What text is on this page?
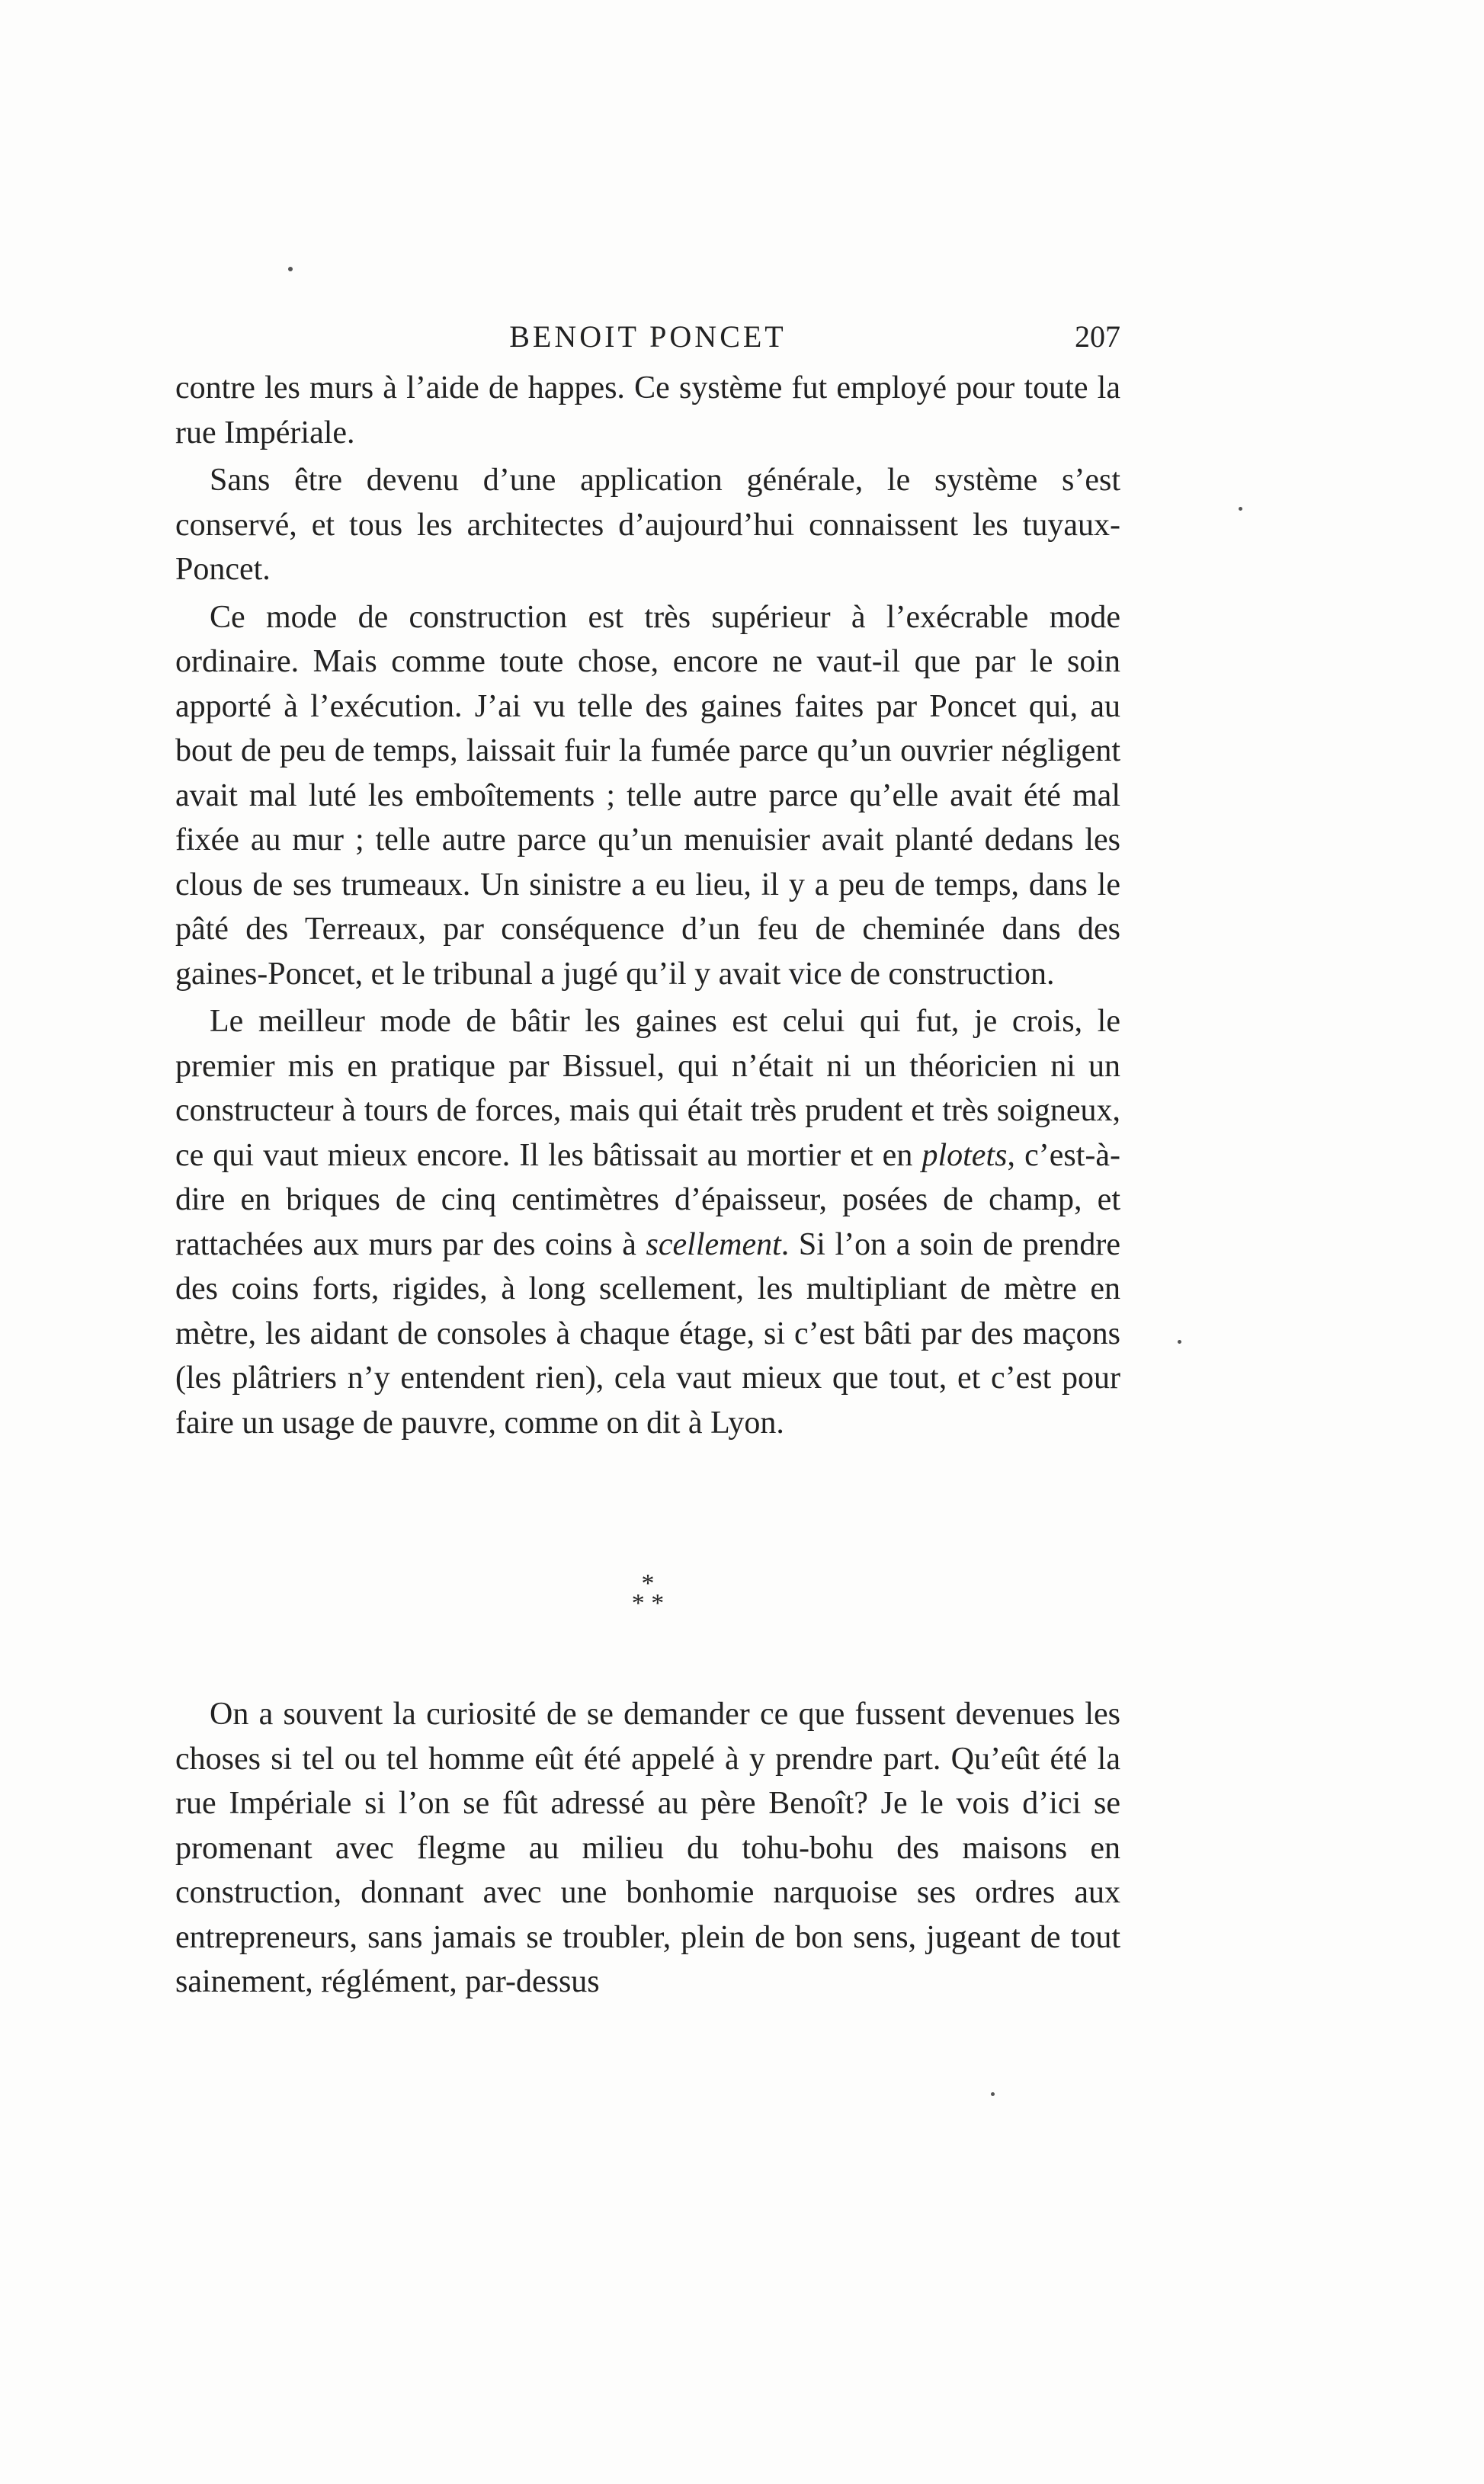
BENOIT PONCET	207

contre les murs à l’aide de happes. Ce système fut employé pour toute la rue Impériale.

Sans être devenu d’une application générale, le système s’est conservé, et tous les architectes d’aujourd’hui connaissent les tuyaux-Poncet.

Ce mode de construction est très supérieur à l’exécrable mode ordinaire. Mais comme toute chose, encore ne vaut-il que par le soin apporté à l’exécution. J’ai vu telle des gaines faites par Poncet qui, au bout de peu de temps, laissait fuir la fumée parce qu’un ouvrier négligent avait mal luté les emboîtements ; telle autre parce qu’elle avait été mal fixée au mur ; telle autre parce qu’un menuisier avait planté dedans les clous de ses trumeaux. Un sinistre a eu lieu, il y a peu de temps, dans le pâté des Terreaux, par conséquence d’un feu de cheminée dans des gaines-Poncet, et le tribunal a jugé qu’il y avait vice de construction.

Le meilleur mode de bâtir les gaines est celui qui fut, je crois, le premier mis en pratique par Bissuel, qui n’était ni un théoricien ni un constructeur à tours de forces, mais qui était très prudent et très soigneux, ce qui vaut mieux encore. Il les bâtissait au mortier et en plotets, c’est-à-dire en briques de cinq centimètres d’épaisseur, posées de champ, et rattachées aux murs par des coins à scellement. Si l’on a soin de prendre des coins forts, rigides, à long scellement, les multipliant de mètre en mètre, les aidant de consoles à chaque étage, si c’est bâti par des maçons (les plâtriers n’y entendent rien), cela vaut mieux que tout, et c’est pour faire un usage de pauvre, comme on dit à Lyon.

*
* *

On a souvent la curiosité de se demander ce que fussent devenues les choses si tel ou tel homme eût été appelé à y prendre part. Qu’eût été la rue Impériale si l’on se fût adressé au père Benoît? Je le vois d’ici se promenant avec flegme au milieu du tohu-bohu des maisons en construction, donnant avec une bonhomie narquoise ses ordres aux entrepreneurs, sans jamais se troubler, plein de bon sens, jugeant de tout sainement, réglément, par-dessus
